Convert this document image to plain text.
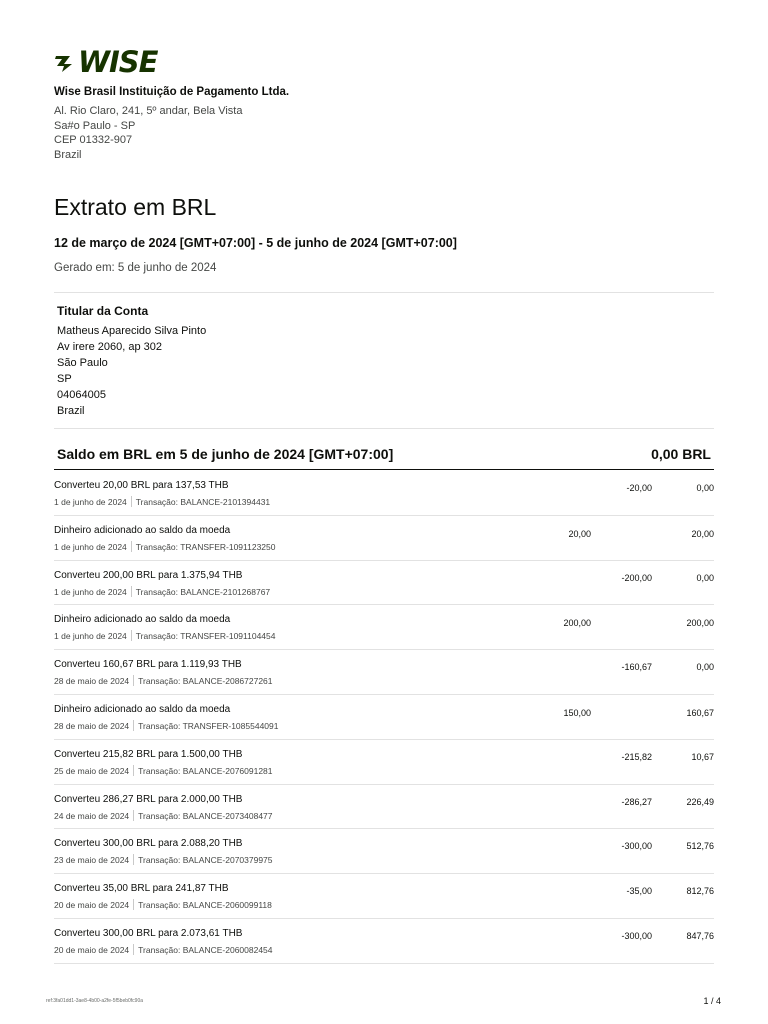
WISE
Wise Brasil Instituição de Pagamento Ltda.
Al. Rio Claro, 241, 5º andar, Bela Vista
Sa#o Paulo - SP
CEP 01332-907
Brazil
Extrato em BRL
12 de março de 2024 [GMT+07:00] - 5 de junho de 2024 [GMT+07:00]
Gerado em: 5 de junho de 2024
Titular da Conta
Matheus Aparecido Silva Pinto
Av irere 2060, ap 302
São Paulo
SP
04064005
Brazil
Saldo em BRL em 5 de junho de 2024 [GMT+07:00]	0,00 BRL
Converteu 20,00 BRL para 137,53 THB
1 de junho de 2024 Transação: BALANCE-2101394431
-20,00	0,00
Dinheiro adicionado ao saldo da moeda
1 de junho de 2024 Transação: TRANSFER-1091123250
20,00	20,00
Converteu 200,00 BRL para 1.375,94 THB
1 de junho de 2024 Transação: BALANCE-2101268767
-200,00	0,00
Dinheiro adicionado ao saldo da moeda
1 de junho de 2024 Transação: TRANSFER-1091104454
200,00	200,00
Converteu 160,67 BRL para 1.119,93 THB
28 de maio de 2024 Transação: BALANCE-2086727261
-160,67	0,00
Dinheiro adicionado ao saldo da moeda
28 de maio de 2024 Transação: TRANSFER-1085544091
150,00	160,67
Converteu 215,82 BRL para 1.500,00 THB
25 de maio de 2024 Transação: BALANCE-2076091281
-215,82	10,67
Converteu 286,27 BRL para 2.000,00 THB
24 de maio de 2024 Transação: BALANCE-2073408477
-286,27	226,49
Converteu 300,00 BRL para 2.088,20 THB
23 de maio de 2024 Transação: BALANCE-2070379975
-300,00	512,76
Converteu 35,00 BRL para 241,87 THB
20 de maio de 2024 Transação: BALANCE-2060099118
-35,00	812,76
Converteu 300,00 BRL para 2.073,61 THB
20 de maio de 2024 Transação: BALANCE-2060082454
-300,00	847,76
ref:3fa01dd1-3ae8-4b00-a2fe-5f5beb0fc90a	1 / 4
